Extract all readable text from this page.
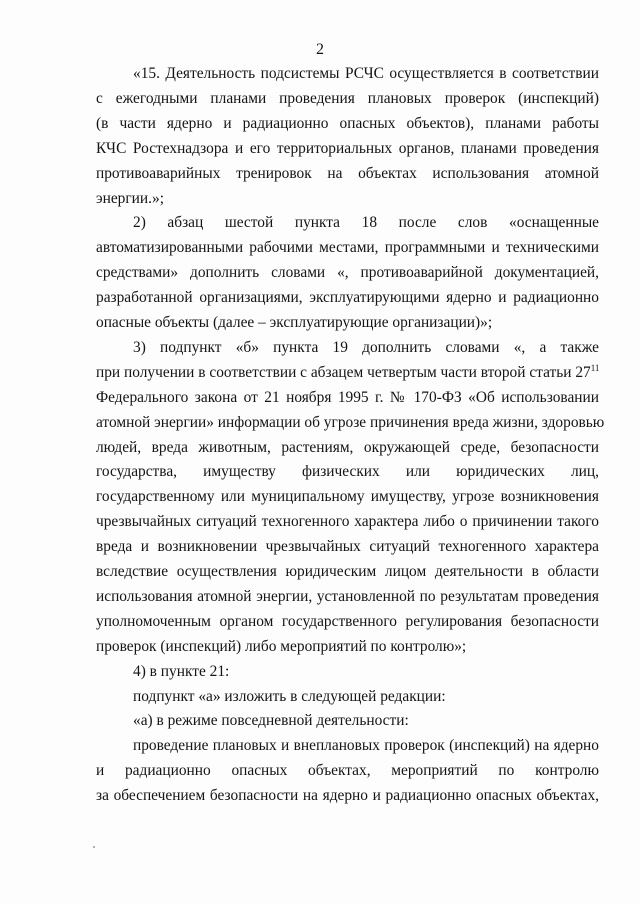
2
«15. Деятельность подсистемы РСЧС осуществляется в соответствии
с ежегодными планами проведения плановых проверок (инспекций)
(в части ядерно и радиационно опасных объектов), планами работы
КЧС Ростехнадзора и его территориальных органов, планами проведения
противоаварийных тренировок на объектах использования атомной
энергии.»;
2) абзац шестой пункта 18 после слов «оснащенные
автоматизированными рабочими местами, программными и техническими
средствами» дополнить словами «, противоаварийной документацией,
разработанной организациями, эксплуатирующими ядерно и радиационно
опасные объекты (далее – эксплуатирующие организации)»;
3) подпункт «б» пункта 19 дополнить словами «, а также
при получении в соответствии с абзацем четвертым части второй статьи $27^{11}$
Федерального закона от 21 ноября 1995 г. № 170-ФЗ «Об использовании
атомной энергии» информации об угрозе причинения вреда жизни, здоровью
людей, вреда животным, растениям, окружающей среде, безопасности
государства, имуществу физических или юридических лиц,
государственному или муниципальному имуществу, угрозе возникновения
чрезвычайных ситуаций техногенного характера либо о причинении такого
вреда и возникновении чрезвычайных ситуаций техногенного характера
вследствие осуществления юридическим лицом деятельности в области
использования атомной энергии, установленной по результатам проведения
уполномоченным органом государственного регулирования безопасности
проверок (инспекций) либо мероприятий по контролю»;
4) в пункте 21:
подпункт «а» изложить в следующей редакции:
«а) в режиме повседневной деятельности:
проведение плановых и внеплановых проверок (инспекций) на ядерно
и радиационно опасных объектах, мероприятий по контролю
за обеспечением безопасности на ядерно и радиационно опасных объектах,
